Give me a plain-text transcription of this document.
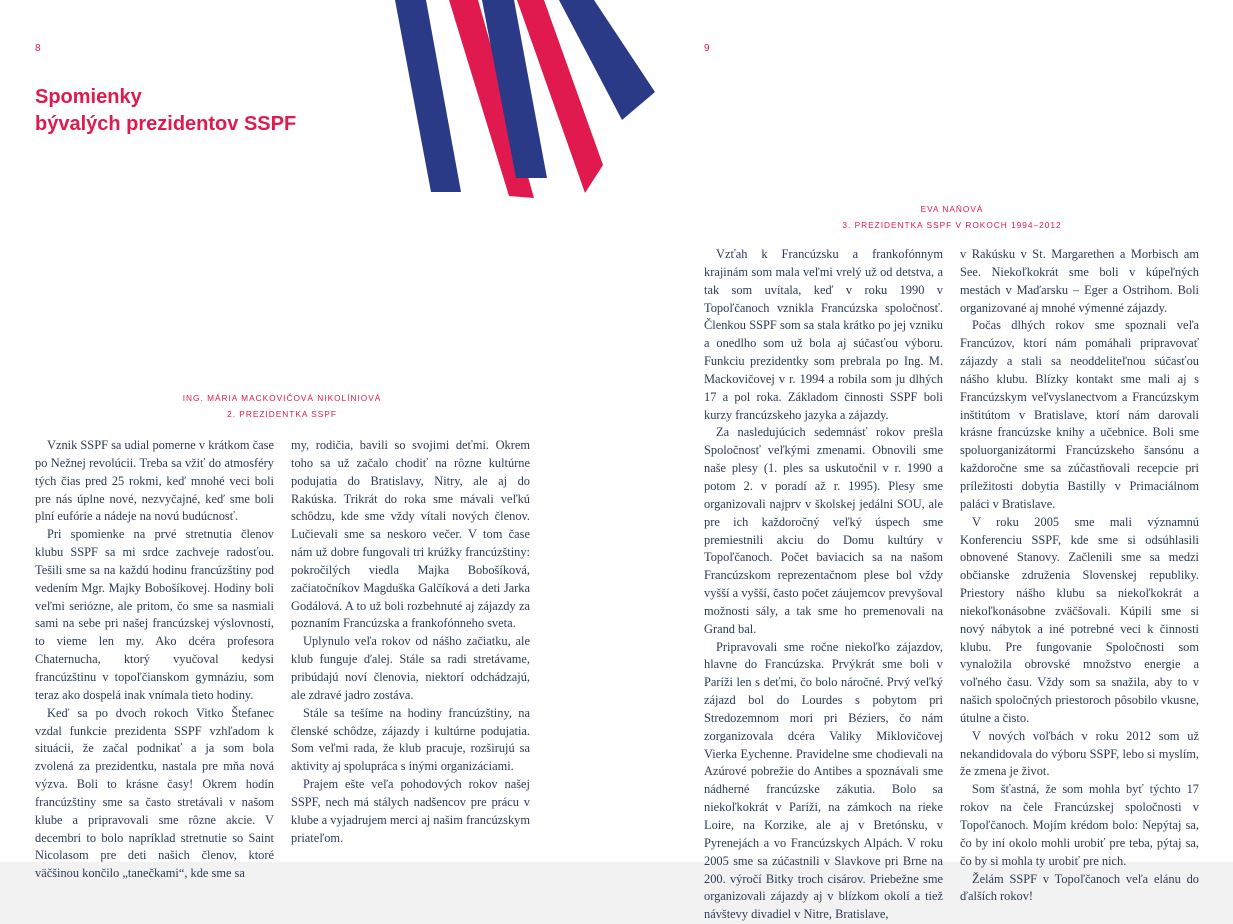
8	9
Spomienky
bývalých prezidentov SSPF
ING. MÁRIA MACKOVIČOVÁ NIKOLÍNIOVÁ
2. PREZIDENTKA SSPF
EVA NAŇOVÁ
3. PREZIDENTKA SSPF V ROKOCH 1994–2012

Vznik SSPF sa udial pomerne v krátkom čase po Nežnej revolúcii. Treba sa vžiť do atmosféry tých čias pred 25 rokmi, keď mnohé veci boli pre nás úplne nové, nezvyčajné, keď sme boli plní eufórie a nádeje na novú budúcnosť.

Pri spomienke na prvé stretnutia členov klubu SSPF sa mi srdce zachveje radosťou. Tešili sme sa na každú hodinu francúzštiny pod vedením Mgr. Majky Bobošíkovej. Hodiny boli veľmi seriózne, ale pritom, čo sme sa nasmiali sami na sebe pri našej francúzskej výslovnosti, to vieme len my. Ako dcéra profesora Chaternucha, ktorý vyučoval kedysi francúzštinu v topoľčianskom gymnáziu, som teraz ako dospelá inak vnímala tieto hodiny.

Keď sa po dvoch rokoch Vitko Štefanec vzdal funkcie prezidenta SSPF vzhľadom k situácii, že začal podnikať a ja som bola zvolená za prezidentku, nastala pre mňa nová výzva. Boli to krásne časy! Okrem hodín francúzštiny sme sa často stretávali v našom klube a pripravovali sme rôzne akcie. V decembri to bolo napríklad stretnutie so Saint Nicolasom pre deti našich členov, ktoré väčšinou končilo „tanečkami“, kde sme sa

my, rodičia, bavili so svojimi deťmi. Okrem toho sa už začalo chodiť na rôzne kultúrne podujatia do Bratislavy, Nitry, ale aj do Rakúska. Trikrát do roka sme mávali veľkú schôdzu, kde sme vždy vítali nových členov. Lučievali sme sa neskoro večer. V tom čase nám už dobre fungovali tri krúžky francúzštiny: pokročilých viedla Majka Bobošíková, začiatočníkov Magduška Galčíková a deti Jarka Godálová. A to už boli rozbehnuté aj zájazdy za poznaním Francúzska a frankofónneho sveta.

Uplynulo veľa rokov od nášho začiatku, ale klub funguje ďalej. Stále sa radi stretávame, pribúdajú noví členovia, niektorí odchádzajú, ale zdravé jadro zostáva.

Stále sa tešíme na hodiny francúzštiny, na členské schôdze, zájazdy i kultúrne podujatia. Som veľmi rada, že klub pracuje, rozširujú sa aktivity aj spolupráca s inými organizáciami.

Prajem ešte veľa pohodových rokov našej SSPF, nech má stálych nadšencov pre prácu v klube a vyjadrujem merci aj našim francúzskym priateľom.

Vzťah k Francúzsku a frankofónnym krajinám som mala veľmi vrelý už od detstva, a tak som uvítala, keď v roku 1990 v Topoľčanoch vznikla Francúzska spoločnosť. Členkou SSPF som sa stala krátko po jej vzniku a onedlho som už bola aj súčasťou výboru. Funkciu prezidentky som prebrala po Ing. M. Mackovičovej v r. 1994 a robila som ju dlhých 17 a pol roka. Základom činnosti SSPF boli kurzy francúzskeho jazyka a zájazdy.

Za nasledujúcich sedemnásť rokov prešla Spoločnosť veľkými zmenami. Obnovili sme naše plesy (1. ples sa uskutočnil v r. 1990 a potom 2. v poradí až r. 1995). Plesy sme organizovali najprv v školskej jedálni SOU, ale pre ich každoročný veľký úspech sme premiestnili akciu do Domu kultúry v Topoľčanoch. Počet baviacich sa na našom Francúzskom reprezentačnom plese bol vždy vyšší a vyšší, často počet záujemcov prevyšoval možnosti sály, a tak sme ho premenovali na Grand bal.

Pripravovali sme ročne niekoľko zájazdov, hlavne do Francúzska. Prvýkrát sme boli v Paríži len s deťmi, čo bolo náročné. Prvý veľký zájazd bol do Lourdes s pobytom pri Stredozemnom mori pri Béziers, čo nám zorganizovala dcéra Valiky Miklovičovej Vierka Eychenne. Pravidelne sme chodievali na Azúrové pobrežie do Antibes a spoznávali sme nádherné francúzske zákutia. Bolo sa niekoľkokrát v Paríži, na zámkoch na rieke Loire, na Korzike, ale aj v Bretónsku, v Pyrenejách a vo Francúzskych Alpách. V roku 2005 sme sa zúčastnili v Slavkove pri Brne na 200. výročí Bitky troch cisárov. Priebežne sme organizovali zájazdy aj v blízkom okolí a tiež návštevy divadiel v Nitre, Bratislave,

v Rakúsku v St. Margarethen a Morbisch am See. Niekoľkokrát sme boli v kúpeľných mestách v Maďarsku – Eger a Ostrihom. Boli organizované aj mnohé výmenné zájazdy.

Počas dlhých rokov sme spoznali veľa Francúzov, ktorí nám pomáhali pripravovať zájazdy a stali sa neoddeliteľnou súčasťou nášho klubu. Blízky kontakt sme mali aj s Francúzskym veľvyslanectvom a Francúzskym inštitútom v Bratislave, ktorí nám darovali krásne francúzske knihy a učebnice. Boli sme spoluorganizátormi Francúzskeho šansónu a každoročne sme sa zúčastňovali recepcie pri príležitosti dobytia Bastilly v Primaciálnom paláci v Bratislave.

V roku 2005 sme mali významnú Konferenciu SSPF, kde sme si odsúhlasili obnovené Stanovy. Začlenili sme sa medzi občianske združenia Slovenskej republiky. Priestory nášho klubu sa niekoľkokrát a niekoľkonásobne zväčšovali. Kúpili sme si nový nábytok a iné potrebné veci k činnosti klubu. Pre fungovanie Spoločnosti som vynaložila obrovské množstvo energie a voľného času. Vždy som sa snažila, aby to v našich spoločných priestoroch pôsobilo vkusne, útulne a čisto.

V nových voľbách v roku 2012 som už nekandidovala do výboru SSPF, lebo si myslím, že zmena je život.

Som šťastná, že som mohla byť týchto 17 rokov na čele Francúzskej spoločnosti v Topoľčanoch. Mojím krédom bolo: Nepýtaj sa, čo by iní okolo mohli urobiť pre teba, pýtaj sa, čo by si mohla ty urobiť pre nich.

Želám SSPF v Topoľčanoch veľa elánu do ďalších rokov!
